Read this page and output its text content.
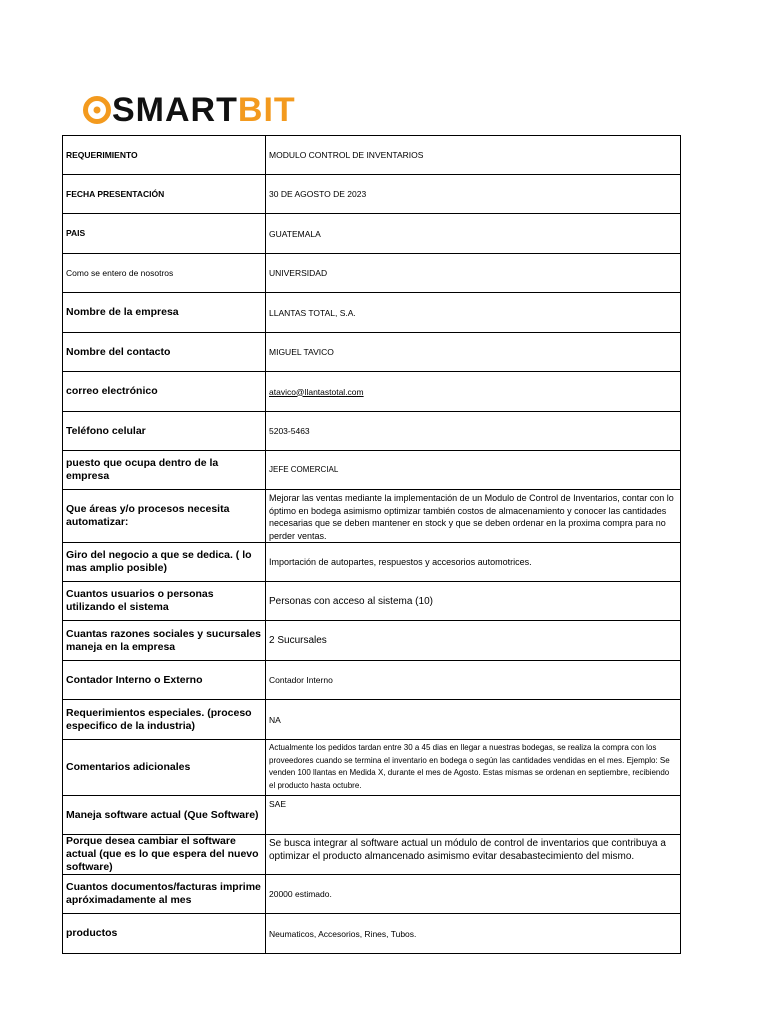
SMARTBIT
REQUERIMIENTO	MODULO CONTROL DE INVENTARIOS
FECHA PRESENTACIÓN	30 DE AGOSTO DE 2023
PAIS	GUATEMALA
Como se entero de nosotros	UNIVERSIDAD
Nombre de la empresa	LLANTAS TOTAL, S.A.
Nombre del contacto	MIGUEL TAVICO
correo electrónico	atavico@llantastotal.com
Teléfono celular	5203-5463
puesto que ocupa dentro de la empresa	JEFE COMERCIAL
Que áreas y/o procesos necesita automatizar:	Mejorar las ventas mediante la implementación de un Modulo de Control de Inventarios, contar con lo óptimo en bodega asimismo optimizar también costos de almacenamiento y conocer las cantidades necesarias que se deben mantener en stock y que se deben ordenar en la proxima compra para no perder ventas.
Giro del negocio a que se dedica. ( lo mas amplio posible)	Importación de autopartes, respuestos y accesorios automotrices.
Cuantos usuarios o personas utilizando el sistema	Personas con acceso al sistema (10)
Cuantas razones sociales y sucursales maneja en la empresa	2 Sucursales
Contador Interno o Externo	Contador Interno
Requerimientos especiales. (proceso especifico de la industria)	NA
Comentarios adicionales	Actualmente los pedidos tardan entre 30 a 45 dias en llegar a nuestras bodegas, se realiza la compra con los proveedores cuando se termina el inventario en bodega o según las cantidades vendidas en el mes. Ejemplo: Se venden 100 llantas en Medida X, durante el mes de Agosto. Estas mismas se ordenan en septiembre, recibiendo el producto hasta octubre.
Maneja software actual (Que Software)	SAE
Porque desea cambiar el software actual (que es lo que espera del nuevo software)	Se busca integrar al software actual un módulo de control de inventarios que contribuya a optimizar el producto almancenado asimismo evitar desabastecimiento del mismo.
Cuantos documentos/facturas imprime apróximadamente al mes	20000 estimado.
productos	Neumaticos, Accesorios, Rines, Tubos.
